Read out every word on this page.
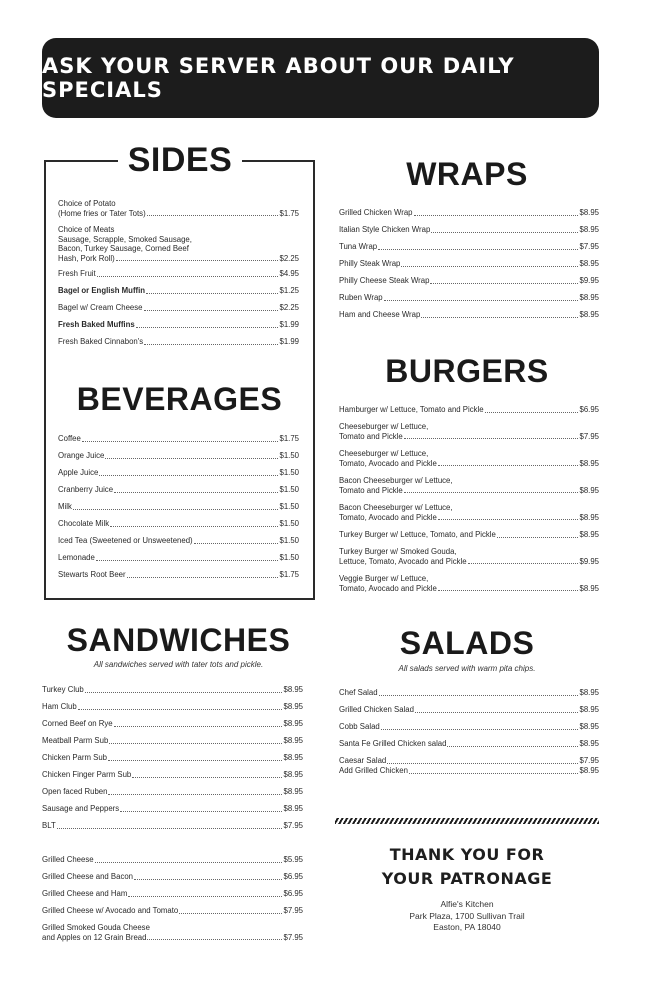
ASK YOUR SERVER ABOUT OUR DAILY SPECIALS
SIDES
Choice of Potato
(Home fries or Tater Tots)	$1.75
Choice of Meats
Sausage, Scrapple, Smoked Sausage,
Bacon, Turkey Sausage, Corned Beef
Hash, Pork Roll)	$2.25
Fresh Fruit	$4.95
Bagel or English Muffin	$1.25
Bagel w/ Cream Cheese	$2.25
Fresh Baked Muffins	$1.99
Fresh Baked Cinnabon's	$1.99
BEVERAGES
Coffee	$1.75
Orange Juice	$1.50
Apple Juice	$1.50
Cranberry Juice	$1.50
Milk	$1.50
Chocolate Milk	$1.50
Iced Tea (Sweetened or Unsweetened)	$1.50
Lemonade	$1.50
Stewarts Root Beer	$1.75
SANDWICHES
All sandwiches served with tater tots and pickle.
Turkey Club	$8.95
Ham Club	$8.95
Corned Beef on Rye	$8.95
Meatball Parm Sub	$8.95
Chicken Parm Sub	$8.95
Chicken Finger Parm Sub	$8.95
Open faced Ruben	$8.95
Sausage and Peppers	$8.95
BLT	$7.95
Grilled Cheese	$5.95
Grilled Cheese and Bacon	$6.95
Grilled Cheese and Ham	$6.95
Grilled Cheese w/ Avocado and Tomato	$7.95
Grilled Smoked Gouda Cheese
and Apples on 12 Grain Bread	$7.95
WRAPS
Grilled Chicken Wrap	$8.95
Italian Style Chicken Wrap	$8.95
Tuna Wrap	$7.95
Philly Steak Wrap	$8.95
Philly Cheese Steak Wrap	$9.95
Ruben Wrap	$8.95
Ham and Cheese Wrap	$8.95
BURGERS
Hamburger w/ Lettuce, Tomato and Pickle	$6.95
Cheeseburger w/ Lettuce,
Tomato and Pickle	$7.95
Cheeseburger w/ Lettuce,
Tomato, Avocado and Pickle	$8.95
Bacon Cheeseburger w/ Lettuce,
Tomato and Pickle	$8.95
Bacon Cheeseburger w/ Lettuce,
Tomato, Avocado and Pickle	$8.95
Turkey Burger w/ Lettuce, Tomato, and Pickle	$8.95
Turkey Burger w/ Smoked Gouda,
Lettuce, Tomato, Avocado and Pickle	$9.95
Veggie Burger w/ Lettuce,
Tomato, Avocado and Pickle	$8.95
SALADS
All salads served with warm pita chips.
Chef Salad	$8.95
Grilled Chicken Salad	$8.95
Cobb Salad	$8.95
Santa Fe Grilled Chicken salad	$8.95
Caesar Salad	$7.95
Add Grilled Chicken	$8.95
THANK YOU FOR
YOUR PATRONAGE
Alfie's Kitchen
Park Plaza, 1700 Sullivan Trail
Easton, PA 18040
